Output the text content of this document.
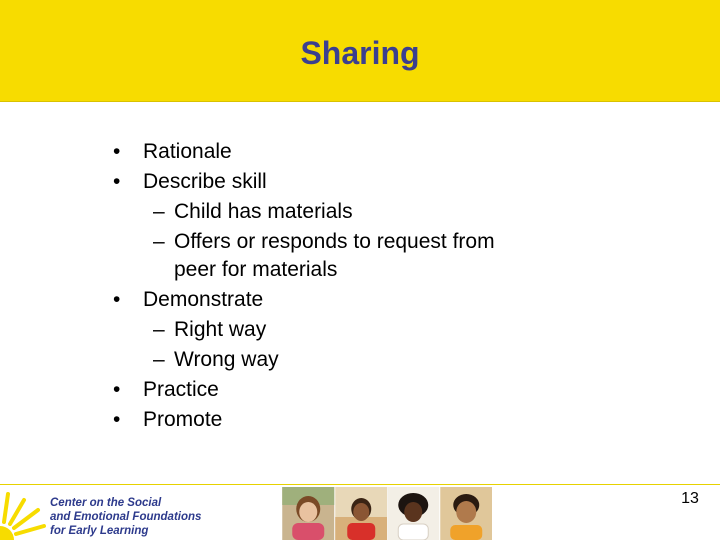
Sharing
• Rationale
• Describe skill
– Child has materials
– Offers or responds to request from
peer for materials
• Demonstrate
– Right way
– Wrong way
• Practice
• Promote
Center on the Social
and Emotional Foundations
for Early Learning
13
